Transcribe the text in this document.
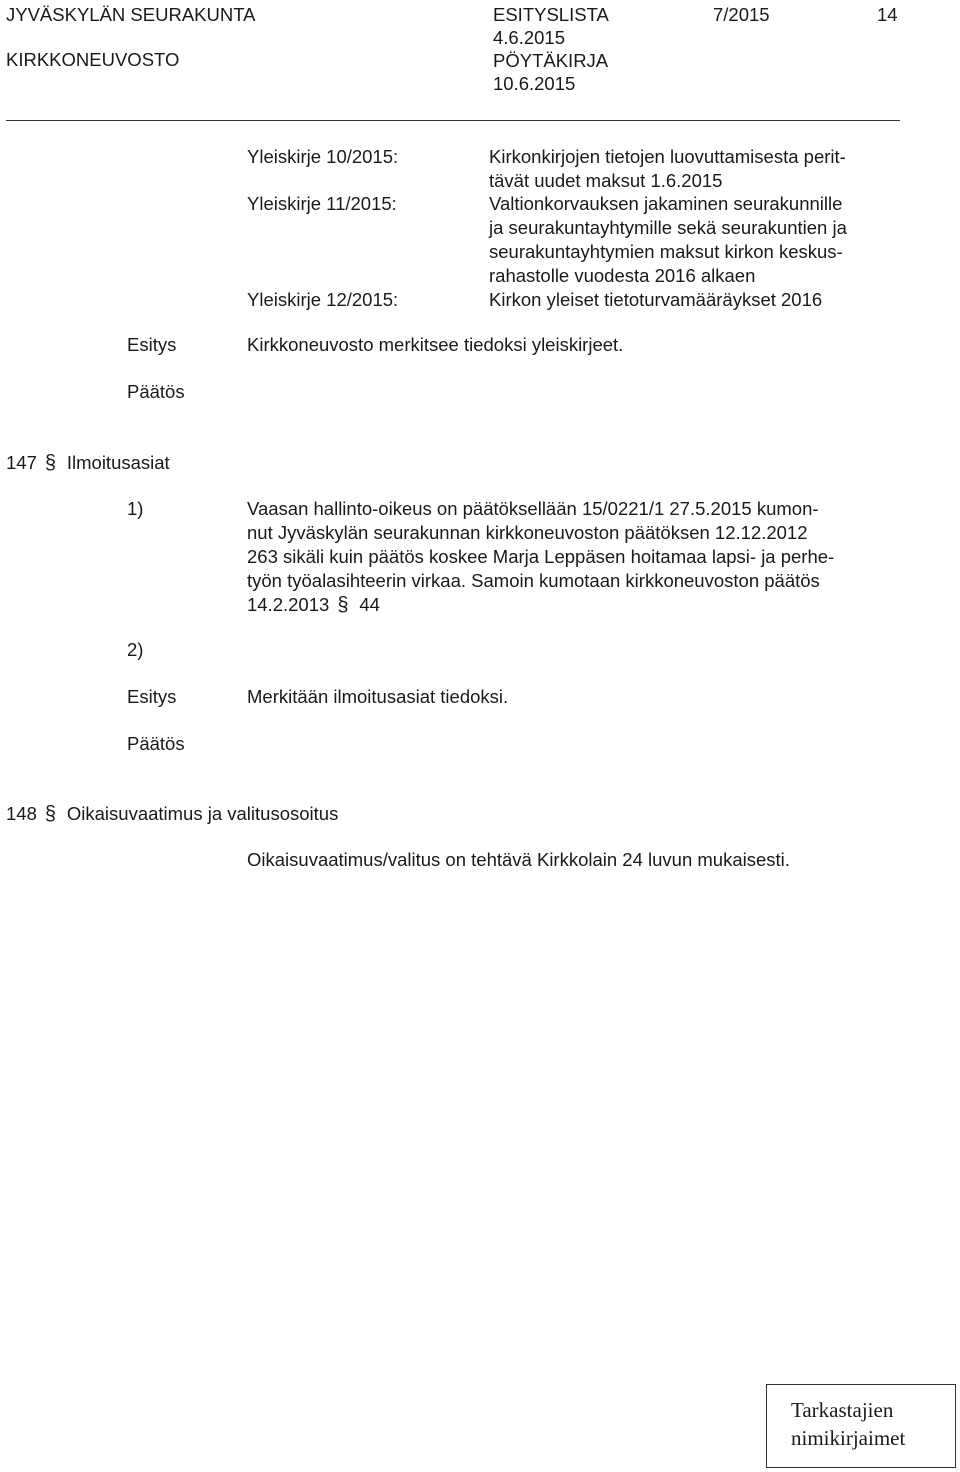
JYVÄSKYLÄN SEURAKUNTA
KIRKKONEUVOSTO
ESITYSLISTA
4.6.2015
PÖYTÄKIRJA
10.6.2015
7/2015	14
Yleiskirje 10/2015:	Kirkonkirjojen tietojen luovuttamisesta perit-
tävät uudet maksut 1.6.2015
Yleiskirje 11/2015:	Valtionkorvauksen jakaminen seurakunnille
ja seurakuntayhtymille sekä seurakuntien ja
seurakuntayhtymien maksut kirkon keskus-
rahastolle vuodesta 2016 alkaen
Yleiskirje 12/2015:	Kirkon yleiset tietoturvamääräykset 2016
Esitys	Kirkkoneuvosto merkitsee tiedoksi yleiskirjeet.
Päätös
147 § Ilmoitusasiat
1)	Vaasan hallinto-oikeus on päätöksellään 15/0221/1 27.5.2015 kumon-
nut Jyväskylän seurakunnan kirkkoneuvoston päätöksen 12.12.2012
263 sikäli kuin päätös koskee Marja Leppäsen hoitamaa lapsi- ja perhe-
työn työalasihteerin virkaa. Samoin kumotaan kirkkoneuvoston päätös
14.2.2013 § 44
2)
Esitys	Merkitään ilmoitusasiat tiedoksi.
Päätös
148 § Oikaisuvaatimus ja valitusosoitus
Oikaisuvaatimus/valitus on tehtävä Kirkkolain 24 luvun mukaisesti.
Tarkastajien
nimikirjaimet
